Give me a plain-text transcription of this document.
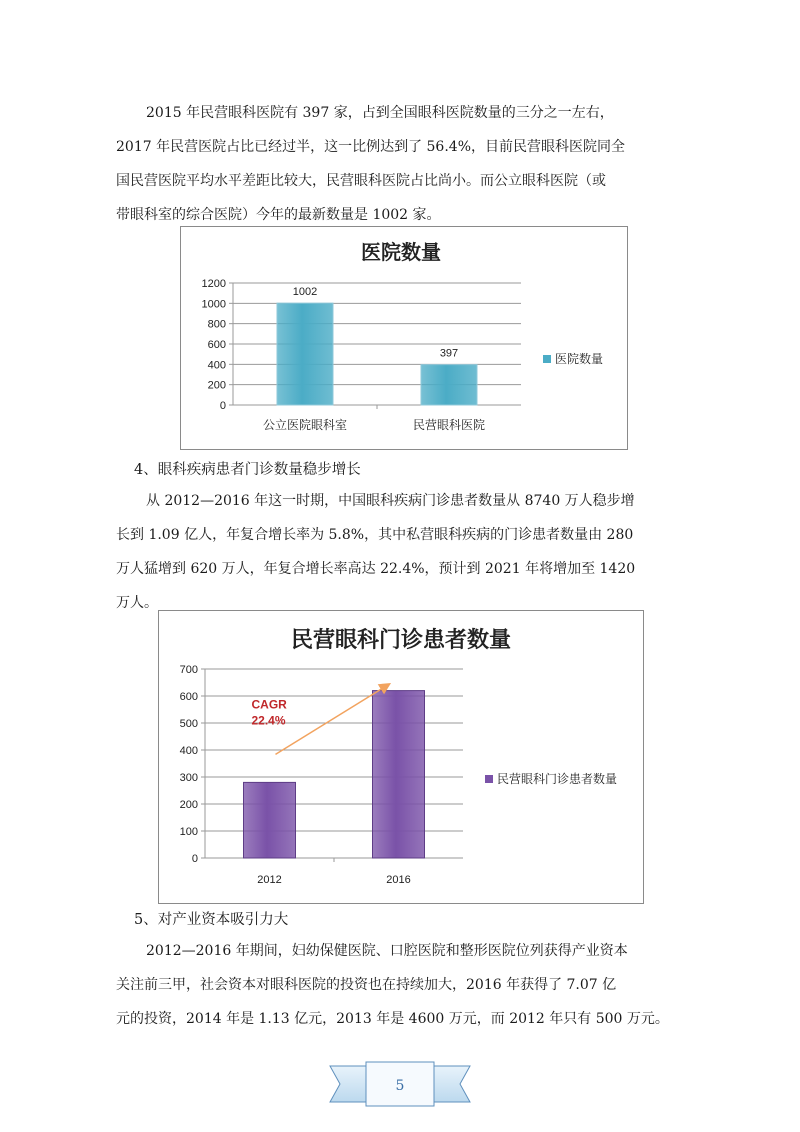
2015 年民营眼科医院有 397 家，占到全国眼科医院数量的三分之一左右，
2017 年民营医院占比已经过半，这一比例达到了 56.4%，目前民营眼科医院同全
国民营医院平均水平差距比较大，民营眼科医院占比尚小。而公立眼科医院（或
带眼科室的综合医院）今年的最新数量是 1002 家。
医院数量
0
200
400
600
800
1000
1200
公立医院眼科室
1002
民营眼科医院
397	医院数量

4、眼科疾病患者门诊数量稳步增长

从 2012—2016 年这一时期，中国眼科疾病门诊患者数量从 8740 万人稳步增
长到 1.09 亿人，年复合增长率为 5.8%，其中私营眼科疾病的门诊患者数量由 280
万人猛增到 620 万人，年复合增长率高达 22.4%，预计到 2021 年将增加至 1420
万人。
民营眼科门诊患者数量
0
100
200
300
400
500
600
700
2012	2016
民营眼科门诊患者数量
CAGR
22.4%

5、对产业资本吸引力大

2012—2016 年期间，妇幼保健医院、口腔医院和整形医院位列获得产业资本
关注前三甲，社会资本对眼科医院的投资也在持续加大，2016 年获得了 7.07 亿
元的投资，2014 年是 1.13 亿元，2013 年是 4600 万元，而 2012 年只有 500 万元。
5
